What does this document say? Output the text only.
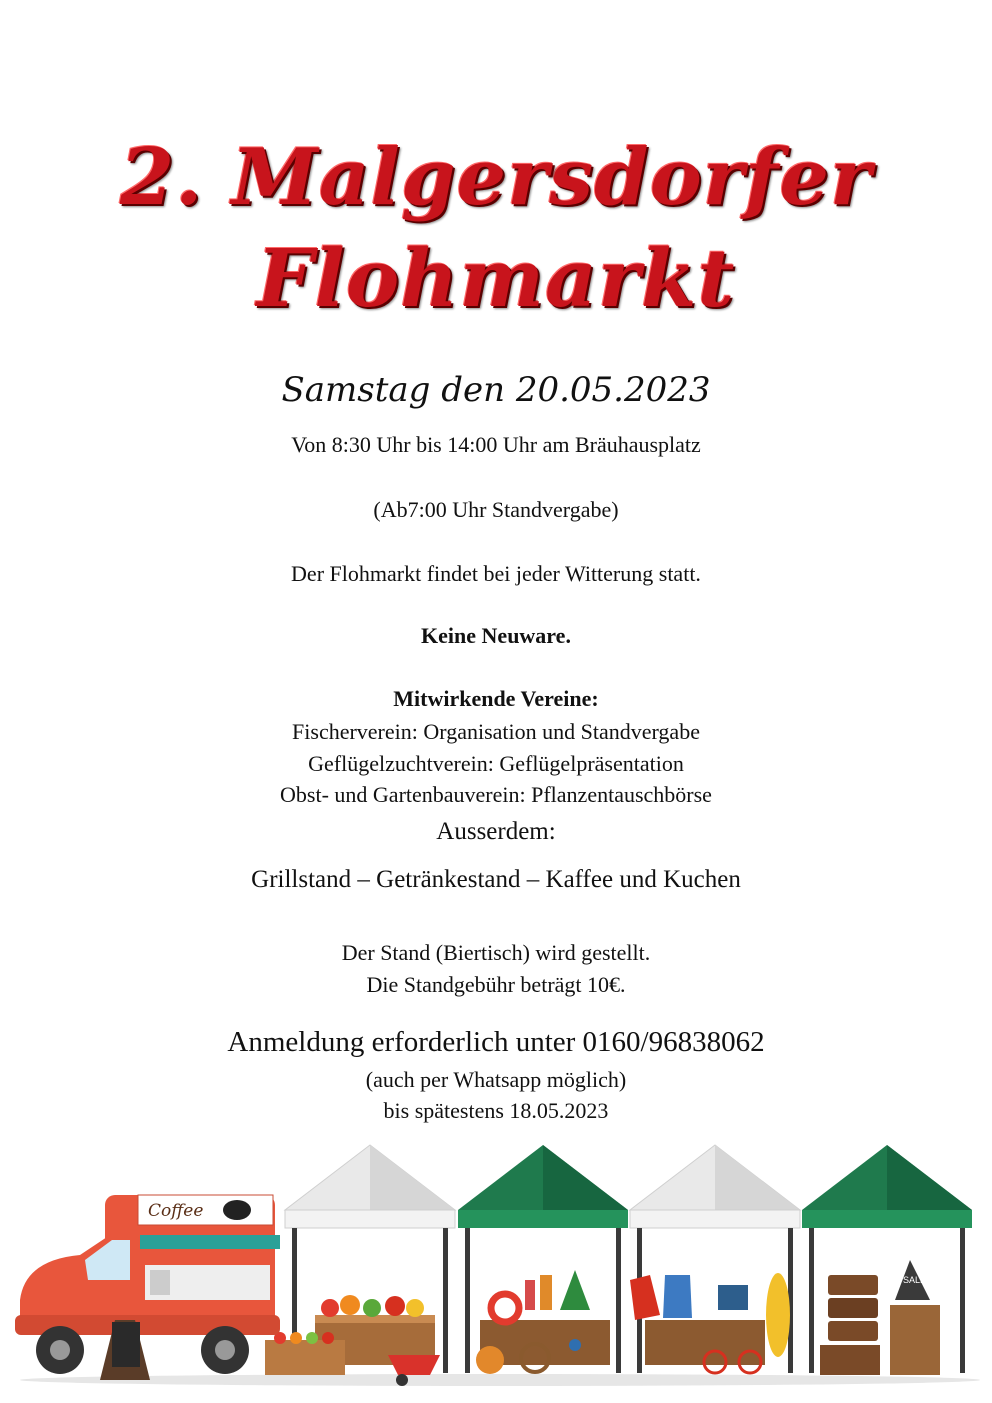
2. Malgersdorfer
Flohmarkt
Samstag den 20.05.2023
Von 8:30 Uhr bis 14:00 Uhr am Bräuhausplatz
(Ab7:00 Uhr Standvergabe)
Der Flohmarkt findet bei jeder Witterung statt.
Keine Neuware.
Mitwirkende Vereine:
Fischerverein: Organisation und Standvergabe
Geflügelzuchtverein: Geflügelpräsentation
Obst- und Gartenbauverein: Pflanzentauschbörse
Ausserdem:
Grillstand – Getränkestand – Kaffee und Kuchen
Der Stand (Biertisch) wird gestellt.
Die Standgebühr beträgt 10€.
Anmeldung erforderlich unter 0160/96838062
(auch per Whatsapp möglich)
bis spätestens 18.05.2023
SALE
Coffee
